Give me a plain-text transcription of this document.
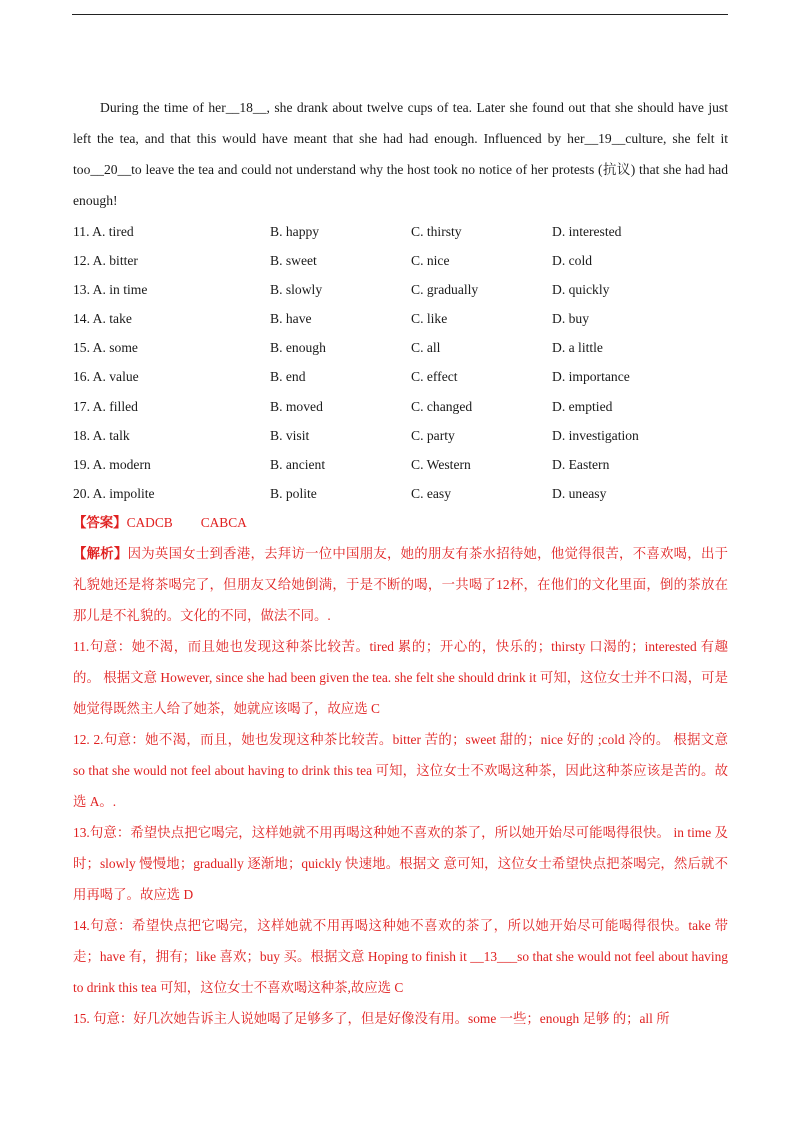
During the time of her__18__, she drank about twelve cups of tea. Later she found out that she should have just left the tea, and that this would have meant that she had had enough. Influenced by her__19__culture, she felt it too__20__to leave the tea and could not understand why the host took no notice of her protests (抗议) that she had had enough!

11. A. tired	B. happy	C. thirsty	D. interested
12. A. bitter	B. sweet	C. nice	D. cold
13. A. in time	B. slowly	C. gradually	D. quickly
14. A. take	B. have	C. like	D. buy
15. A. some	B. enough	C. all	D. a little
16. A. value	B. end	C. effect	D. importance
17. A. filled	B. moved	C. changed	D. emptied
18. A. talk	B. visit	C. party	D. investigation
19. A. modern	B. ancient	C. Western	D. Eastern
20. A. impolite	B. polite	C. easy	D. uneasy

【答案】CADCB CABCA

【解析】因为英国女士到香港，去拜访一位中国朋友，她的朋友有茶水招待她，他觉得很苦，不喜欢喝，出于礼貌她还是将茶喝完了，但朋友又给她倒满，于是不断的喝，一共喝了12杯，在他们的文化里面，倒的茶放在那儿是不礼貌的。文化的不同，做法不同。.

11.句意：她不渴，而且她也发现这种茶比较苦。tired 累的；开心的，快乐的；thirsty 口渴的；interested 有趣的。 根据文意 However, since she had been given the tea. she felt she should drink it 可知，这位女士并不口渴，可是她觉得既然主人给了她茶，她就应该喝了，故应选 C

12. 2.句意：她不渴，而且，她也发现这种茶比较苦。bitter 苦的；sweet 甜的；nice 好的 ;cold 冷的。 根据文意 so that she would not feel about having to drink this tea 可知，这位女士不欢喝这种茶，因此这种茶应该是苦的。故选 A。.

13.句意：希望快点把它喝完，这样她就不用再喝这种她不喜欢的茶了，所以她开始尽可能喝得很快。 in time 及时；slowly 慢慢地；gradually 逐渐地；quickly 快速地。根据文 意可知，这位女士希望快点把茶喝完，然后就不用再喝了。故应选 D

14.句意：希望快点把它喝完，这样她就不用再喝这种她不喜欢的茶了，所以她开始尽可能喝得很快。take 带走；have 有，拥有；like 喜欢；buy 买。根据文意 Hoping to finish it __13___so that she would not feel about having to drink this tea 可知，这位女士不喜欢喝这种茶,故应选 C

15. 句意：好几次她告诉主人说她喝了足够多了，但是好像没有用。some 一些；enough 足够 的；all 所
